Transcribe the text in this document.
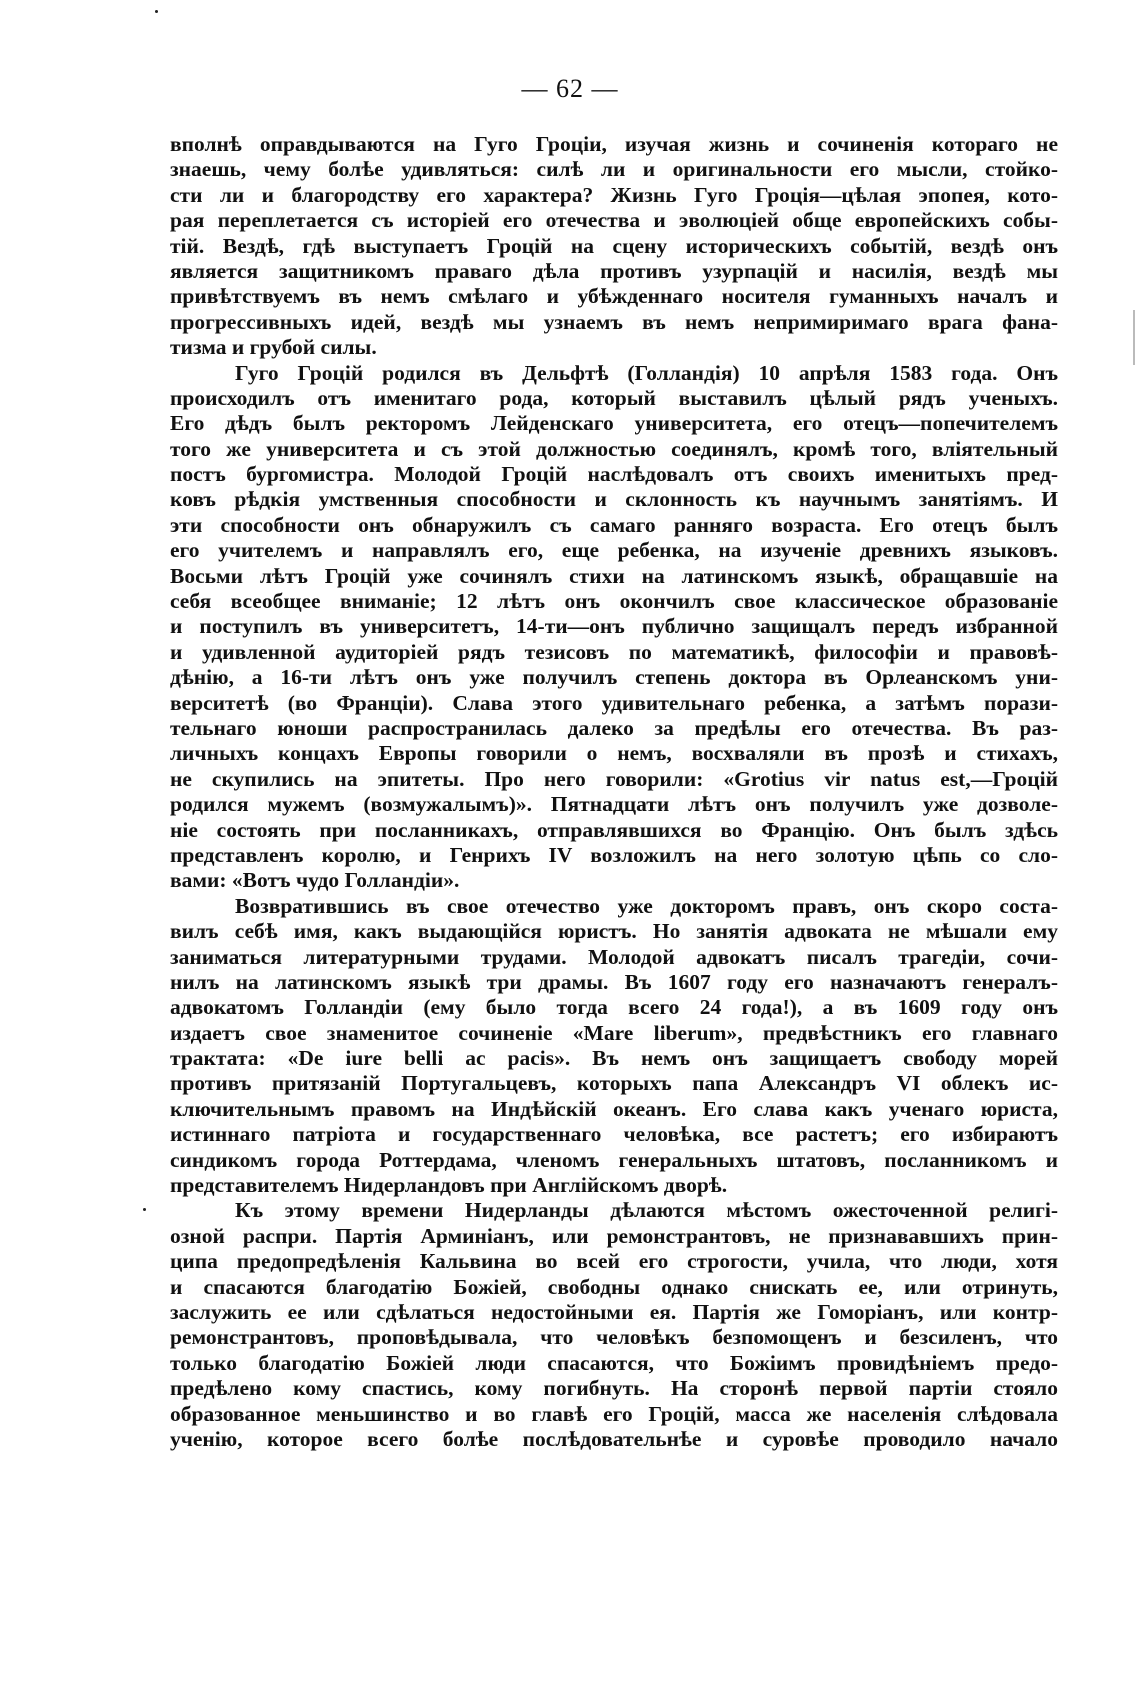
— 62 —
вполнѣ оправдываются на Гуго Гроціи, изучая жизнь и сочиненія котораго не
знаешь, чему болѣе удивляться: силѣ ли и оригинальности его мысли, стойко-
сти ли и благородству его характера? Жизнь Гуго Гроція—цѣлая эпопея, кото-
рая переплетается съ исторіей его отечества и эволюціей обще европейскихъ собы-
тій. Вездѣ, гдѣ выступаетъ Гроцій на сцену историческихъ событій, вездѣ онъ
является защитникомъ праваго дѣла противъ узурпацій и насилія, вездѣ мы
привѣтствуемъ въ немъ смѣлаго и убѣжденнаго носителя гуманныхъ началъ и
прогрессивныхъ идей, вездѣ мы узнаемъ въ немъ непримиримаго врага фана-
тизма и грубой силы.
Гуго Гроцій родился въ Дельфтѣ (Голландія) 10 апрѣля 1583 года. Онъ
происходилъ отъ именитаго рода, который выставилъ цѣлый рядъ ученыхъ.
Его дѣдъ былъ ректоромъ Лейденскаго университета, его отецъ—попечителемъ
того же университета и съ этой должностью соединялъ, кромѣ того, вліятельный
постъ бургомистра. Молодой Гроцій наслѣдовалъ отъ своихъ именитыхъ пред-
ковъ рѣдкія умственныя способности и склонность къ научнымъ занятіямъ. И
эти способности онъ обнаружилъ съ самаго ранняго возраста. Его отецъ былъ
его учителемъ и направлялъ его, еще ребенка, на изученіе древнихъ языковъ.
Восьми лѣтъ Гроцій уже сочинялъ стихи на латинскомъ языкѣ, обращавшіе на
себя всеобщее вниманіе; 12 лѣтъ онъ окончилъ свое классическое образованіе
и поступилъ въ университетъ, 14-ти—онъ публично защищалъ передъ избранной
и удивленной аудиторіей рядъ тезисовъ по математикѣ, философіи и правовѣ-
дѣнію, а 16-ти лѣтъ онъ уже получилъ степень доктора въ Орлеанскомъ уни-
верситетѣ (во Франціи). Слава этого удивительнаго ребенка, а затѣмъ порази-
тельнаго юноши распространилась далеко за предѣлы его отечества. Въ раз-
личныхъ концахъ Европы говорили о немъ, восхваляли въ прозѣ и стихахъ,
не скупились на эпитеты. Про него говорили: «Grotius vir natus est,—Гроцій
родился мужемъ (возмужалымъ)». Пятнадцати лѣтъ онъ получилъ уже дозволе-
ніе состоять при посланникахъ, отправлявшихся во Францію. Онъ былъ здѣсь
представленъ королю, и Генрихъ IV возложилъ на него золотую цѣпь со сло-
вами: «Вотъ чудо Голландіи».
Возвратившись въ свое отечество уже докторомъ правъ, онъ скоро соста-
вилъ себѣ имя, какъ выдающійся юристъ. Но занятія адвоката не мѣшали ему
заниматься литературными трудами. Молодой адвокатъ писалъ трагедіи, сочи-
нилъ на латинскомъ языкѣ три драмы. Въ 1607 году его назначаютъ генералъ-
адвокатомъ Голландіи (ему было тогда всего 24 года!), а въ 1609 году онъ
издаетъ свое знаменитое сочиненіе «Mare liberum», предвѣстникъ его главнаго
трактата: «De iure belli ac pacis». Въ немъ онъ защищаетъ свободу морей
противъ притязаній Португальцевъ, которыхъ папа Александръ VI облекъ ис-
ключительнымъ правомъ на Индѣйскій океанъ. Его слава какъ ученаго юриста,
истиннаго патріота и государственнаго человѣка, все растетъ; его избираютъ
синдикомъ города Роттердама, членомъ генеральныхъ штатовъ, посланникомъ и
представителемъ Нидерландовъ при Англійскомъ дворѣ.
Къ этому времени Нидерланды дѣлаются мѣстомъ ожесточенной религі-
озной распри. Партія Арминіанъ, или ремонстрантовъ, не признававшихъ прин-
ципа предопредѣленія Кальвина во всей его строгости, учила, что люди, хотя
и спасаются благодатію Божіей, свободны однако снискать ее, или отринуть,
заслужить ее или сдѣлаться недостойными ея. Партія же Гоморіанъ, или контр-
ремонстрантовъ, проповѣдывала, что человѣкъ безпомощенъ и безсиленъ, что
только благодатію Божіей люди спасаются, что Божіимъ провидѣніемъ предо-
предѣлено кому спастись, кому погибнуть. На сторонѣ первой партіи стояло
образованное меньшинство и во главѣ его Гроцій, масса же населенія слѣдовала
ученію, которое всего болѣе послѣдовательнѣе и суровѣе проводило начало
